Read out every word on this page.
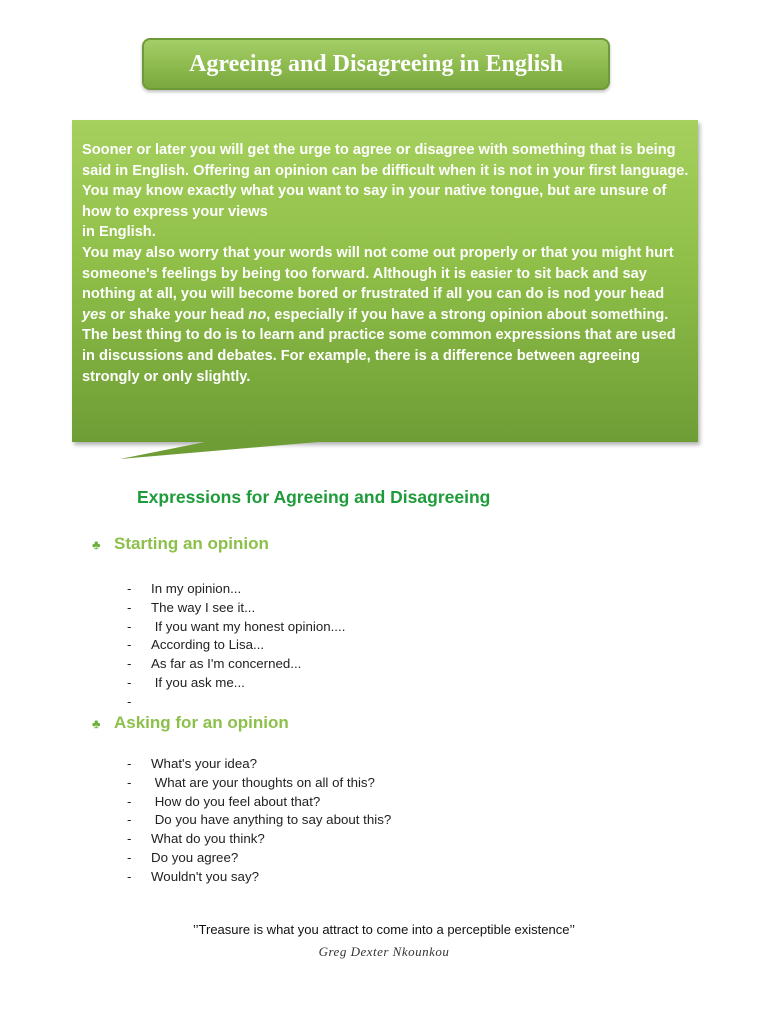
Agreeing and Disagreeing in English

Sooner or later you will get the urge to agree or disagree with something that is being said in English. Offering an opinion can be difficult when it is not in your first language. You may know exactly what you want to say in your native tongue, but are unsure of how to express your views
in English.

You may also worry that your words will not come out properly or that you might hurt someone's feelings by being too forward. Although it is easier to sit back and say nothing at all, you will become bored or frustrated if all you can do is nod your head yes or shake your head no, especially if you have a strong opinion about something.

The best thing to do is to learn and practice some common expressions that are used in discussions and debates. For example, there is a difference between agreeing strongly or only slightly.

Expressions for Agreeing and Disagreeing
♣ Starting an opinion
-	In my opinion...
-	The way I see it...
-	If you want my honest opinion....
-	According to Lisa...
-	As far as I'm concerned...
-	If you ask me...
-
♣ Asking for an opinion
-	What's your idea?
-	What are your thoughts on all of this?
-	How do you feel about that?
-	Do you have anything to say about this?
-	What do you think?
-	Do you agree?
-	Wouldn't you say?
’’Treasure is what you attract to come into a perceptible existence’’
Greg Dexter Nkounkou
